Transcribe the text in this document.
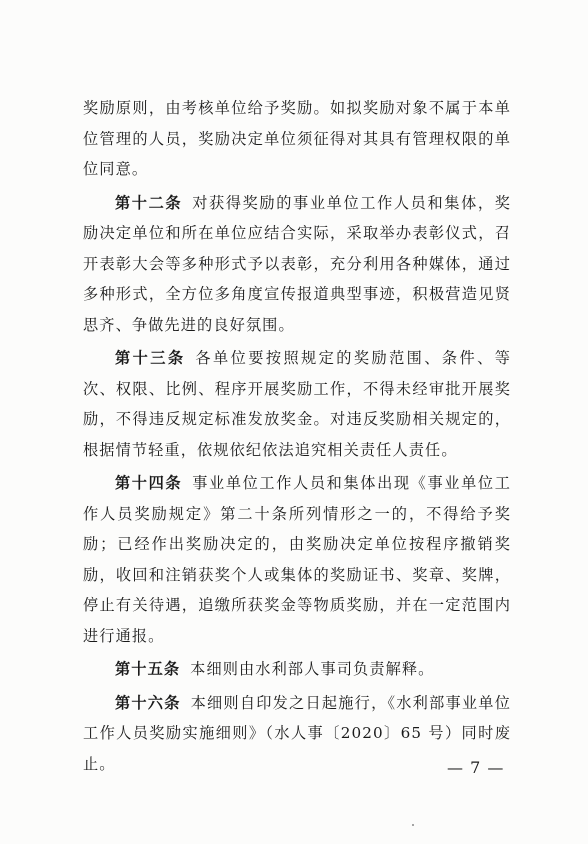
奖励原则，由考核单位给予奖励。如拟奖励对象不属于本单位管理的人员，奖励决定单位须征得对其具有管理权限的单位同意。

第十二条 对获得奖励的事业单位工作人员和集体，奖励决定单位和所在单位应结合实际，采取举办表彰仪式，召开表彰大会等多种形式予以表彰，充分利用各种媒体，通过多种形式，全方位多角度宣传报道典型事迹，积极营造见贤思齐、争做先进的良好氛围。

第十三条 各单位要按照规定的奖励范围、条件、等次、权限、比例、程序开展奖励工作，不得未经审批开展奖励，不得违反规定标准发放奖金。对违反奖励相关规定的，根据情节轻重，依规依纪依法追究相关责任人责任。

第十四条 事业单位工作人员和集体出现《事业单位工作人员奖励规定》第二十条所列情形之一的，不得给予奖励；已经作出奖励决定的，由奖励决定单位按程序撤销奖励，收回和注销获奖个人或集体的奖励证书、奖章、奖牌，停止有关待遇，追缴所获奖金等物质奖励，并在一定范围内进行通报。

第十五条 本细则由水利部人事司负责解释。

第十六条 本细则自印发之日起施行，《水利部事业单位工作人员奖励实施细则》（水人事〔2020〕65 号）同时废止。	— 7 —
